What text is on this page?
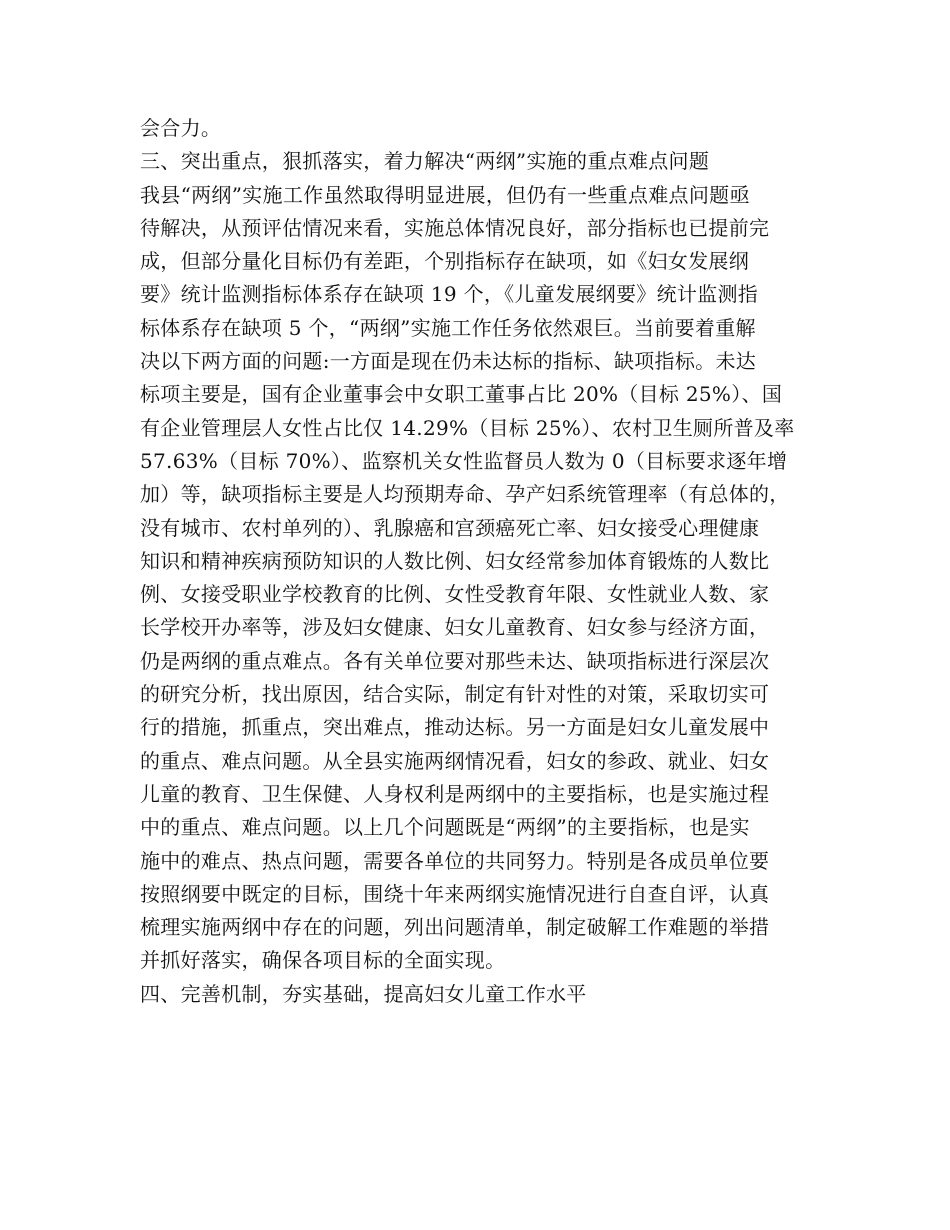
会合力。
三、突出重点，狠抓落实，着力解决“两纲”实施的重点难点问题
我县“两纲”实施工作虽然取得明显进展，但仍有一些重点难点问题亟
待解决，从预评估情况来看，实施总体情况良好，部分指标也已提前完
成，但部分量化目标仍有差距，个别指标存在缺项，如《妇女发展纲
要》统计监测指标体系存在缺项 19 个，《儿童发展纲要》统计监测指
标体系存在缺项 5 个，“两纲”实施工作任务依然艰巨。当前要着重解
决以下两方面的问题:一方面是现在仍未达标的指标、缺项指标。未达
标项主要是，国有企业董事会中女职工董事占比 20%（目标 25%）、国
有企业管理层人女性占比仅 14.29%（目标 25%）、农村卫生厕所普及率
57.63%（目标 70%）、监察机关女性监督员人数为 0（目标要求逐年增
加）等，缺项指标主要是人均预期寿命、孕产妇系统管理率（有总体的，
没有城市、农村单列的）、乳腺癌和宫颈癌死亡率、妇女接受心理健康
知识和精神疾病预防知识的人数比例、妇女经常参加体育锻炼的人数比
例、女接受职业学校教育的比例、女性受教育年限、女性就业人数、家
长学校开办率等，涉及妇女健康、妇女儿童教育、妇女参与经济方面，
仍是两纲的重点难点。各有关单位要对那些未达、缺项指标进行深层次
的研究分析，找出原因，结合实际，制定有针对性的对策，采取切实可
行的措施，抓重点，突出难点，推动达标。另一方面是妇女儿童发展中
的重点、难点问题。从全县实施两纲情况看，妇女的参政、就业、妇女
儿童的教育、卫生保健、人身权利是两纲中的主要指标，也是实施过程
中的重点、难点问题。以上几个问题既是“两纲”的主要指标，也是实
施中的难点、热点问题，需要各单位的共同努力。特别是各成员单位要
按照纲要中既定的目标，围绕十年来两纲实施情况进行自查自评，认真
梳理实施两纲中存在的问题，列出问题清单，制定破解工作难题的举措
并抓好落实，确保各项目标的全面实现。
四、完善机制，夯实基础，提高妇女儿童工作水平
